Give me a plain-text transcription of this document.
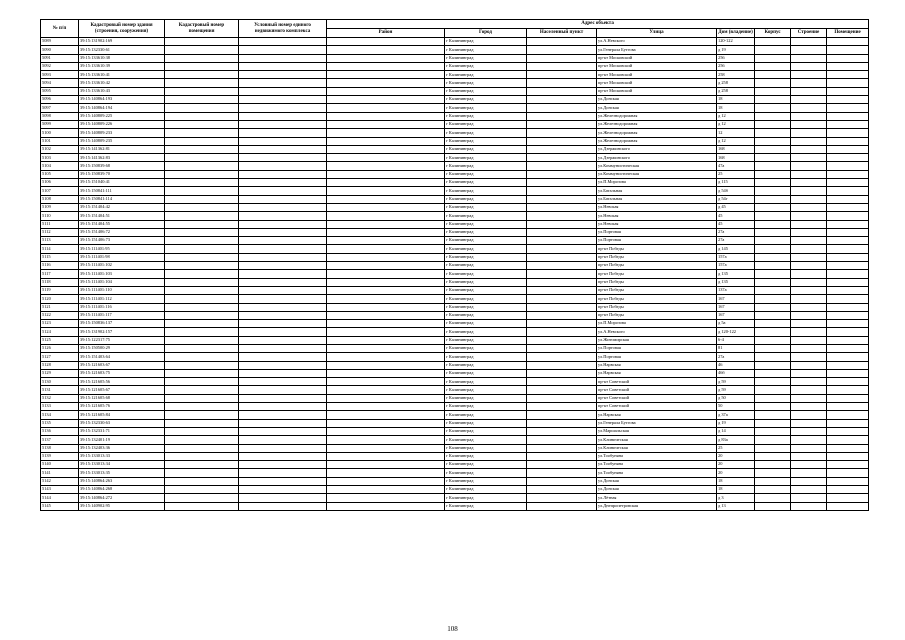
№ п/п	Кадастровый номер здания (строения, сооружения)	Кадастровый номер помещения	Условный номер единого недвижимого комплекса	Адрес объекта							
				Район	Город	Населенный пункт	Улица	Дом (владение)	Корпус	Строение	Помещение
5089	39:15:131902:169				г Калининград		ул.А.Невского	120-122			
5090	39:15:132330:61				г Калининград		ул.Генерала Бутгова	д 19			
5091	39:15:133610:38				г Калининград		пр-кт Московский	256			
5092	39:15:133610:39				г Калининград		пр-кт Московский	256			
5093	39:15:133610:41				г Калининград		пр-кт Московский	258			
5094	39:15:133610:42				г Калининград		пр-кт Московский	д 258			
5095	39:15:133610:43				г Калининград		пр-кт Московский	д 258			
5096	39:15:140864:193				г Калининград		ул.Донская	18			
5097	39:15:140864:194				г Калининград		ул.Донская	18			
5098	39:15:140809:225				г Калининград		ул.Железнодорожная	д 12			
5099	39:15:140809:226				г Калининград		ул.Железнодорожная	д 12			
5100	39:15:140809:233				г Калининград		ул.Железнодорожная	12			
5101	39:15:140809:235				г Калининград		ул.Железнодорожная	д 12			
5102	39:15:141362:81				г Калининград		ул.Дзержинского	168			
5103	39:15:141362:83				г Калининград		ул.Дзержинского	168			
5104	39:15:150839:68				г Калининград		ул.Коммунистическая	47а			
5105	39:15:150839:70				г Калининград		ул.Коммунистическая	25			
5106	39:15:151040:41				г Калининград		ул.П.Морозова	д 115			
5107	39:15:150841:111				г Калининград		ул.Батальная	д 54б			
5108	39:15:150841:114				г Калининград		ул.Батальная	д 54г			
5109	39:15:151404:42				г Калининград		ул.Невская	д 45			
5110	39:15:151404:51				г Калининград		ул.Невская	45			
5111	39:15:151404:55				г Калининград		ул.Невская	45			
5112	39:15:151406:72				г Калининград		ул.Портовая	27а			
5113	39:15:151406:73				г Калининград		ул.Портовая	27а			
5114	39:15:111401:95				г Калининград		пр-кт Победы	д 145			
5115	39:15:111401:98				г Калининград		пр-кт Победы	157а			
5116	39:15:111401:102				г Калининград		пр-кт Победы	157а			
5117	39:15:111401:103				г Калининград		пр-кт Победы	д 135			
5118	39:15:111401:104				г Калининград		пр-кт Победы	д 135			
5119	39:15:111401:110				г Калининград		пр-кт Победы	137а			
5120	39:15:111401:112				г Калининград		пр-кт Победы	167			
5121	39:15:111401:116				г Калининград		пр-кт Победы	167			
5122	39:15:111401:117				г Калининград		пр-кт Победы	167			
5123	39:15:150836:137				г Калининград		ул.П.Морозова	д 5а			
5124	39:15:131902:157				г Калининград		ул.А.Невского	д 120-122			
5125	39:15:122317:75				г Калининград		ул.Житомирская	6-4			
5126	39:15:150500:29				г Калининград		ул.Портовая	81			
5127	39:15:151403:64				г Калининград		ул.Портовая	27а			
5128	39:15:121603:67				г Калининград		ул.Нарвская	46			
5129	39:15:121603:75				г Калининград		ул.Нарвская	46б			
5130	39:15:121605:56				г Калининград		пр-кт Советский	д 59			
5131	39:15:121605:67				г Калининград		пр-кт Советский	д 59			
5132	39:15:121605:68				г Калининград		пр-кт Советский	д 50			
5133	39:15:121605:76				г Калининград		пр-кт Советский	50			
5134	39:15:121605:84				г Калининград		ул.Нарвская	д 37а			
5135	39:15:132330:63				г Калининград		ул.Генерала Бутгова	д 19			
5136	39:15:132331:71				г Калининград		ул.Маршальская	д 14			
5137	39:15:132401:19				г Калининград		ул.Клиническая	д 83а			
5138	39:15:132403:36				г Калининград		ул.Клиническая	25			
5139	39:15:133013:33				г Калининград		ул.Тообуняна	20			
5140	39:15:133013:34				г Калининград		ул.Тообуняна	20			
5141	39:15:133013:35				г Калининград		ул.Тообуняна	20			
5142	39:15:140864:263				г Калининград		ул.Донская	18			
5143	39:15:140864:268				г Калининград		ул.Донская	18			
5144	39:15:140864:272				г Калининград		ул.Лётная	д 3			
5145	39:15:140902:95				г Калининград		ул.Днепропетровская	д 13			
108
